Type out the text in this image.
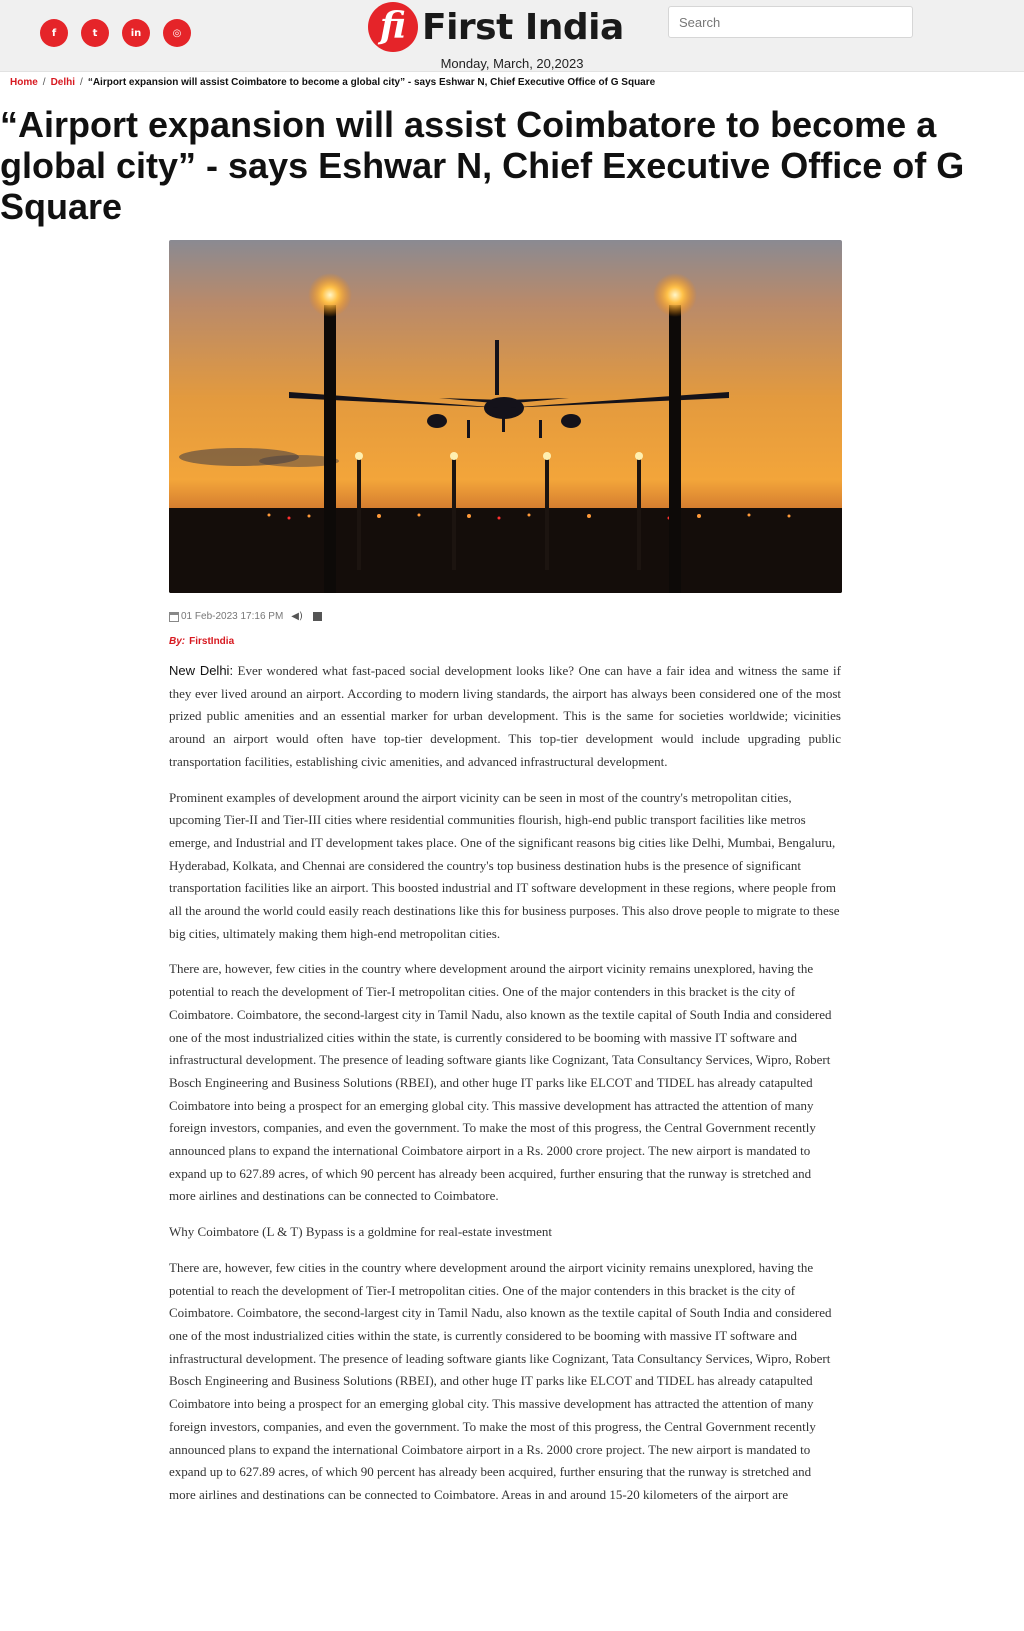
f	t	in	◎	fi First India
Search
Monday, March, 20,2023
Home / Delhi / “Airport expansion will assist Coimbatore to become a global city” - says Eshwar N, Chief Executive Office of G Square
“Airport expansion will assist Coimbatore to become a global city” - says Eshwar N, Chief Executive Office of G Square
01 Feb-2023 17:16 PM ◀)
By: FirstIndia

New Delhi: Ever wondered what fast-paced social development looks like? One can have a fair idea and witness the same if they ever lived around an airport. According to modern living standards, the airport has always been considered one of the most prized public amenities and an essential marker for urban development. This is the same for societies worldwide; vicinities around an airport would often have top-tier development. This top-tier development would include upgrading public transportation facilities, establishing civic amenities, and advanced infrastructural development.

Prominent examples of development around the airport vicinity can be seen in most of the country's metropolitan cities, upcoming Tier-II and Tier-III cities where residential communities flourish, high-end public transport facilities like metros emerge, and Industrial and IT development takes place. One of the significant reasons big cities like Delhi, Mumbai, Bengaluru, Hyderabad, Kolkata, and Chennai are considered the country's top business destination hubs is the presence of significant transportation facilities like an airport. This boosted industrial and IT software development in these regions, where people from all the around the world could easily reach destinations like this for business purposes. This also drove people to migrate to these big cities, ultimately making them high-end metropolitan cities.

There are, however, few cities in the country where development around the airport vicinity remains unexplored, having the potential to reach the development of Tier-I metropolitan cities. One of the major contenders in this bracket is the city of Coimbatore. Coimbatore, the second-largest city in Tamil Nadu, also known as the textile capital of South India and considered one of the most industrialized cities within the state, is currently considered to be booming with massive IT software and infrastructural development. The presence of leading software giants like Cognizant, Tata Consultancy Services, Wipro, Robert Bosch Engineering and Business Solutions (RBEI), and other huge IT parks like ELCOT and TIDEL has already catapulted Coimbatore into being a prospect for an emerging global city. This massive development has attracted the attention of many foreign investors, companies, and even the government. To make the most of this progress, the Central Government recently announced plans to expand the international Coimbatore airport in a Rs. 2000 crore project. The new airport is mandated to expand up to 627.89 acres, of which 90 percent has already been acquired, further ensuring that the runway is stretched and more airlines and destinations can be connected to Coimbatore.

Why Coimbatore (L & T) Bypass is a goldmine for real-estate investment

There are, however, few cities in the country where development around the airport vicinity remains unexplored, having the potential to reach the development of Tier-I metropolitan cities. One of the major contenders in this bracket is the city of Coimbatore. Coimbatore, the second-largest city in Tamil Nadu, also known as the textile capital of South India and considered one of the most industrialized cities within the state, is currently considered to be booming with massive IT software and infrastructural development. The presence of leading software giants like Cognizant, Tata Consultancy Services, Wipro, Robert Bosch Engineering and Business Solutions (RBEI), and other huge IT parks like ELCOT and TIDEL has already catapulted Coimbatore into being a prospect for an emerging global city. This massive development has attracted the attention of many foreign investors, companies, and even the government. To make the most of this progress, the Central Government recently announced plans to expand the international Coimbatore airport in a Rs. 2000 crore project. The new airport is mandated to expand up to 627.89 acres, of which 90 percent has already been acquired, further ensuring that the runway is stretched and more airlines and destinations can be connected to Coimbatore. Areas in and around 15-20 kilometers of the airport are
